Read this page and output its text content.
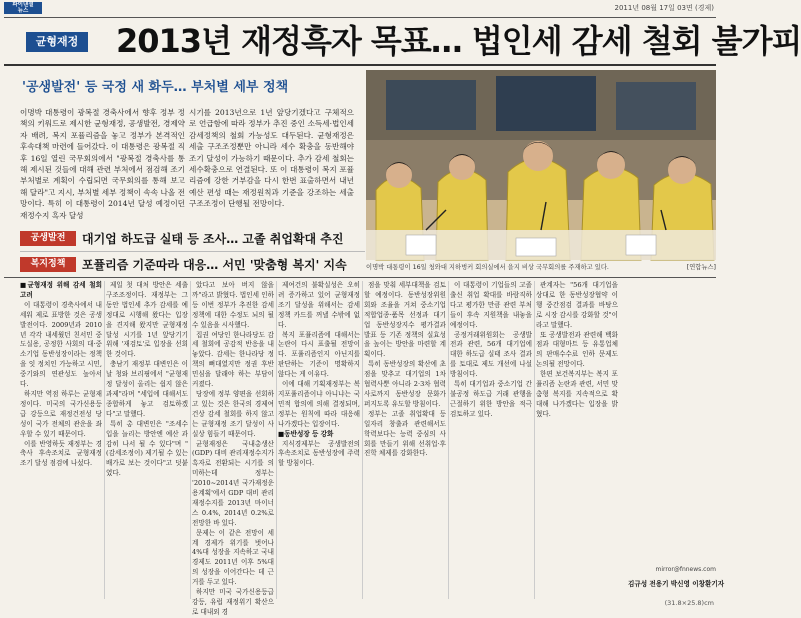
파이낸셜
뉴스	2011년 08월 17일 03면 (경제)
균형재정	2013년 재정흑자 목표… 법인세 감세 철회 불가피
'공생발전' 등 국정 새 화두… 부처별 세부 정책
이명박 대통령이 광복절 경축사에서 향후 정부 정책의 키워드로 제시한 균형재정, 공생발전, 경제약자 배려, 복지 포퓰리즘을 놓고 정부가 본격적인 후속대책 마련에 들어갔다. 이 대통령은 광복절 직후 16일 열린 국무회의에서 "광복절 경축사를 통해 제시된 것들에 대해 관련 부처에서 점검해 조기 부처별로 계획이 수립되면 국무회의를 통해 보고해 달라"고 지시, 부처별 세부 정책이 속속 나올 전망이다. 특히 이 대통령이 2014년 달성 예정이던 재정수지 흑자 달성
시기를 2013년으로 1년 앞당기겠다고 구체적으로 언급함에 따라 정부가 추진 중인 소득세·법인세 감세정책의 철회 가능성도 대두된다. 균형재정은 세출 구조조정뿐만 아니라 세수 확충을 동반해야 조기 달성이 가능하기 때문이다. 추가 감세 철회는 세수확충으로 연결된다. 또 이 대통령이 복지 포퓰리즘에 강한 거부감을 다시 한번 표출하면서 내년 예산 편성 때는 재정원칙과 기준을 강조하는 세출 구조조정이 단행될 전망이다.
이명박 대통령이 16일 청와대 지하벙커 회의실에서 을지 비상 국무회의를 주재하고 있다.	[연합뉴스]
공생발전	대기업 하도급 실태 등 조사… 고졸 취업확대 추진
복지정책	포퓰리즘 기준따라 대응… 서민 '맞춤형 복지' 지속

■균형재정 위해 감세 철회 고려

이 대통령이 경축사에서 내세워 제로 표방한 것은 공생발전이다. 2009년과 2010년 각각 내세웠던 친서민 중도실용, 공정한 사회의 대·중소기업 동반성장이라는 정책을 잇 정치인 가능하고 시민, 중기와의 연관성도 높아서다.

하지만 역점 하루는 균형재정이다. 미국의 국가신용등급 강등으로 재정건전성 당성이 국가 전체의 관운을 좌우할 수 있기 때문이다.

이를 반영하듯 재정부는 경축사 후속조치로 균형재정 조기 달성 점검에 나섰다.

제일 첫 대처 방안은 세출 구조조정이다. 재정부는 그동안 법인세 추가 감세를 예정대로 시행해 왔다는 입장을 견지해 왔지만 균형재정 달성 시기를 1년 앞당기기 위해 '재검토'로 입장을 선회한 것이다.

충남기 재정부 대변인은 이날 청와 브리핑에서 "균형재정 달성이 올리는 쉽지 않은 과제"라며 "세입에 대해서도 종합하게 놓고 검토하겠다"고 말했다.

특히 총 대변인은 "조세수입을 늘리는 방안엔 예산 과감히 나서 될 수 있다"며 "(감세조정이) 제기될 수 있는 배가로 보는 것이다"고 덧붙였다.

았다고 보아 버지 않을까"라고 밝혔다. 법인세 인하 등 이번 정부가 추진한 감세정책에 대한 수정도 뇌의 될 수 있음을 시사했다.

집권 여당인 한나라당도 감세 철회에 공감적 반응을 내놓았다. 감세는 한나라당 정책의 뼈대였지만 정권 후반 민심을 달래야 하는 부담이 커졌다.

당장에 정부 양편을 선회하고 있는 것은 한국의 경제여건상 감세 철회를 하지 않고는 균형재정 조기 달성이 사실상 힘들기 때문이다.

균형재정은 국내총생산(GDP) 대비 관리재정수지가 흑자로 전환되는 시기를 의미하는데 정부는 '2010~2014년 국가재정운용계획'에서 GDP 대비 관리재정수지를 2013년 마이너스 0.4%, 2014년 0.2%로 전망한 바 있다.

문제는 이 같은 전망이 세계 경제가 위기를 벗어나 4%대 성장을 지속하고 국내 경제도 2011년 이후 5%대의 성장을 이어간다는 데 근거를 두고 있다.

하지만 미국 국가신용등급 강등, 유럽 재정위기 확산으로 대내외 경

제여건의 불확실성은 오히려 증가하고 있어 균형재정 조기 달성을 위해서는 감세정책 카드를 꺼낼 수밖에 없다.

복지 포퓰리즘에 대해서는 논란이 다시 표출될 전망이다. 포퓰리즘인지 아닌지를 판단하는 기준이 명확하지 않다는 게 이유다.

이에 대해 기획재정부는 복지포퓰리즘이냐 아니냐는 국민적 합의에 의해 결정되며, 정부는 원칙에 따라 대응해 나가겠다는 입장이다.

■동반성장 등 강화

지식경제부는 공생발전의 후속조치로 동반성장에 주력할 방침이다.

점을 맞춰 세부대책을 검토할 예정이다. 동반성장위원회와 조율을 거쳐 중소기업 적합업종·품목 선정과 대기업 동반성장지수 평가결과 발표 등 기존 정책의 실효성을 높이는 방안을 마련할 계획이다.

특히 동반성장의 확산에 초점을 맞추고 대기업의 1차 협력사뿐 아니라 2·3차 협력사로까지 동반성장 문화가 퍼지도록 유도할 방침이다.

정부는 고졸 취업확대 등 일자리 창출과 관련해서도 학력보다는 능력 중심의 사회를 만들기 위해 선취업·후진학 체제를 강화한다.

이 대통령이 기업들의 고졸 출신 취업 확대를 바람직하다고 평가한 만큼 관련 부처들이 후속 지원책을 내놓을 예정이다.

공정거래위원회는 공생발전과 관련, 56개 대기업에 대한 하도급 실태 조사 결과를 토대로 제도 개선에 나설 방침이다.

특히 대기업과 중소기업 간 불공정 하도급 거래 관행을 근절하기 위한 방안을 적극 검토하고 있다.

관계자는 "56개 대기업을 상대로 한 동반성장협약 이행 중간점검 결과를 바탕으로 시장 감시를 강화할 것"이라고 말했다.

또 공생발전과 관련해 백화점과 대형마트 등 유통업체의 판매수수료 인하 문제도 논의될 전망이다.

한편 보건복지부는 복지 포퓰리즘 논란과 관련, 서민 맞춤형 복지를 지속적으로 확대해 나가겠다는 입장을 밝혔다.

mirror@fnnews.com
김규성 전용기 박신영 이창환기자
(31.8×25.8)cm
